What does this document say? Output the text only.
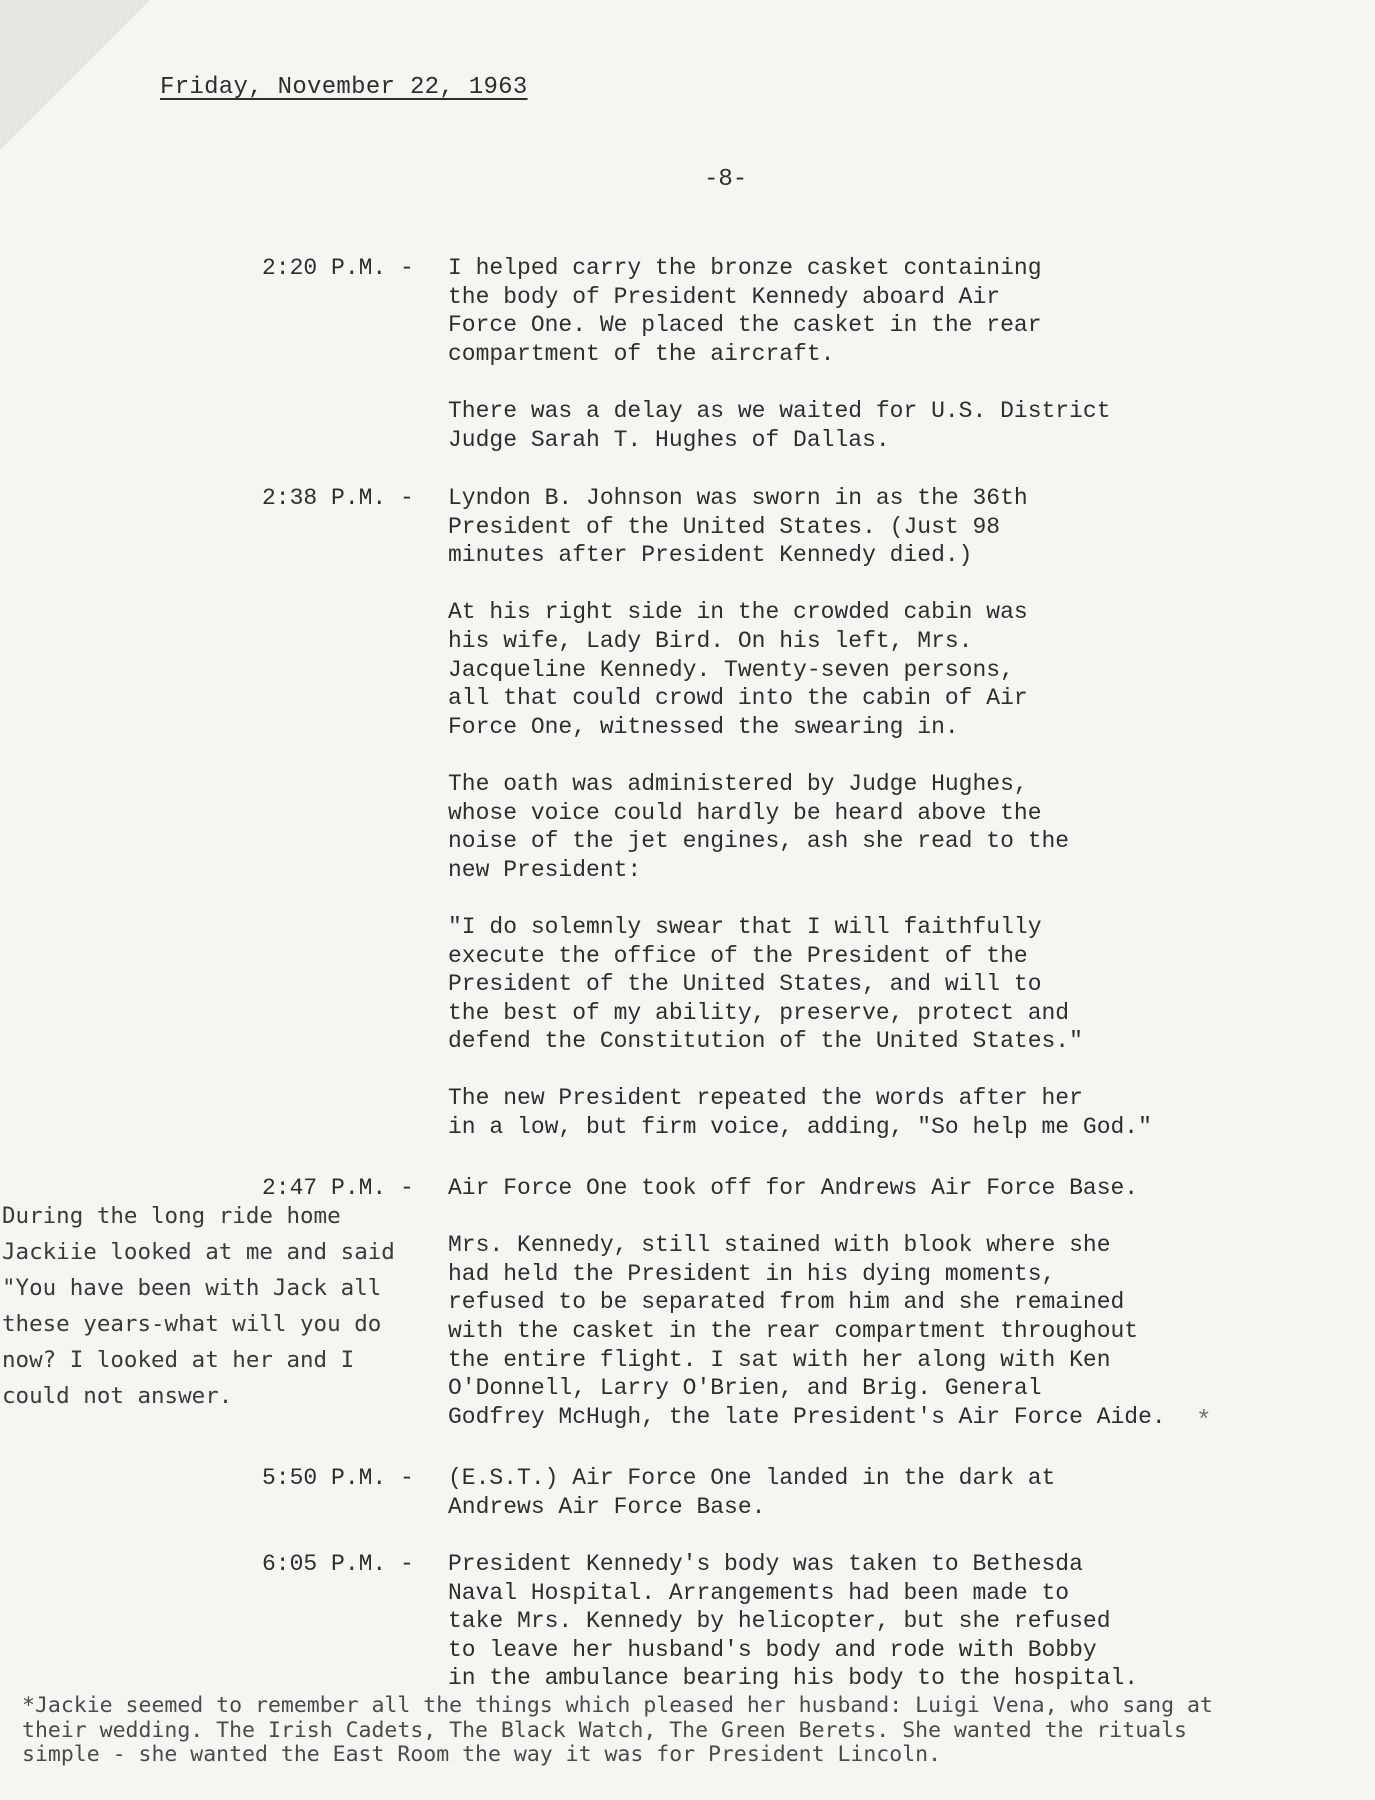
Friday, November 22, 1963
-8-
2:20 P.M. -	I helped carry the bronze casket containing
the body of President Kennedy aboard Air
Force One. We placed the casket in the rear
compartment of the aircraft.

There was a delay as we waited for U.S. District
Judge Sarah T. Hughes of Dallas.

2:38 P.M. -	Lyndon B. Johnson was sworn in as the 36th
President of the United States. (Just 98
minutes after President Kennedy died.)

At his right side in the crowded cabin was
his wife, Lady Bird. On his left, Mrs.
Jacqueline Kennedy. Twenty-seven persons,
all that could crowd into the cabin of Air
Force One, witnessed the swearing in.

The oath was administered by Judge Hughes,
whose voice could hardly be heard above the
noise of the jet engines, ash she read to the
new President:

"I do solemnly swear that I will faithfully
execute the office of the President of the
President of the United States, and will to
the best of my ability, preserve, protect and
defend the Constitution of the United States."

The new President repeated the words after her
in a low, but firm voice, adding, "So help me God."

2:47 P.M. -	Air Force One took off for Andrews Air Force Base.

Mrs. Kennedy, still stained with blook where she
had held the President in his dying moments,
refused to be separated from him and she remained
with the casket in the rear compartment throughout
the entire flight. I sat with her along with Ken
O'Donnell, Larry O'Brien, and Brig. General
Godfrey McHugh, the late President's Air Force Aide.

5:50 P.M. -	(E.S.T.) Air Force One landed in the dark at
Andrews Air Force Base.

6:05 P.M. -	President Kennedy's body was taken to Bethesda
Naval Hospital. Arrangements had been made to
take Mrs. Kennedy by helicopter, but she refused
to leave her husband's body and rode with Bobby
in the ambulance bearing his body to the hospital.

During the long ride home
Jackiie looked at me and said
"You have been with Jack all
these years-what will you do
now? I looked at her and I
could not answer.
*
*Jackie seemed to remember all the things which pleased her husband: Luigi Vena, who sang at
their wedding. The Irish Cadets, The Black Watch, The Green Berets. She wanted the rituals
simple - she wanted the East Room the way it was for President Lincoln.
